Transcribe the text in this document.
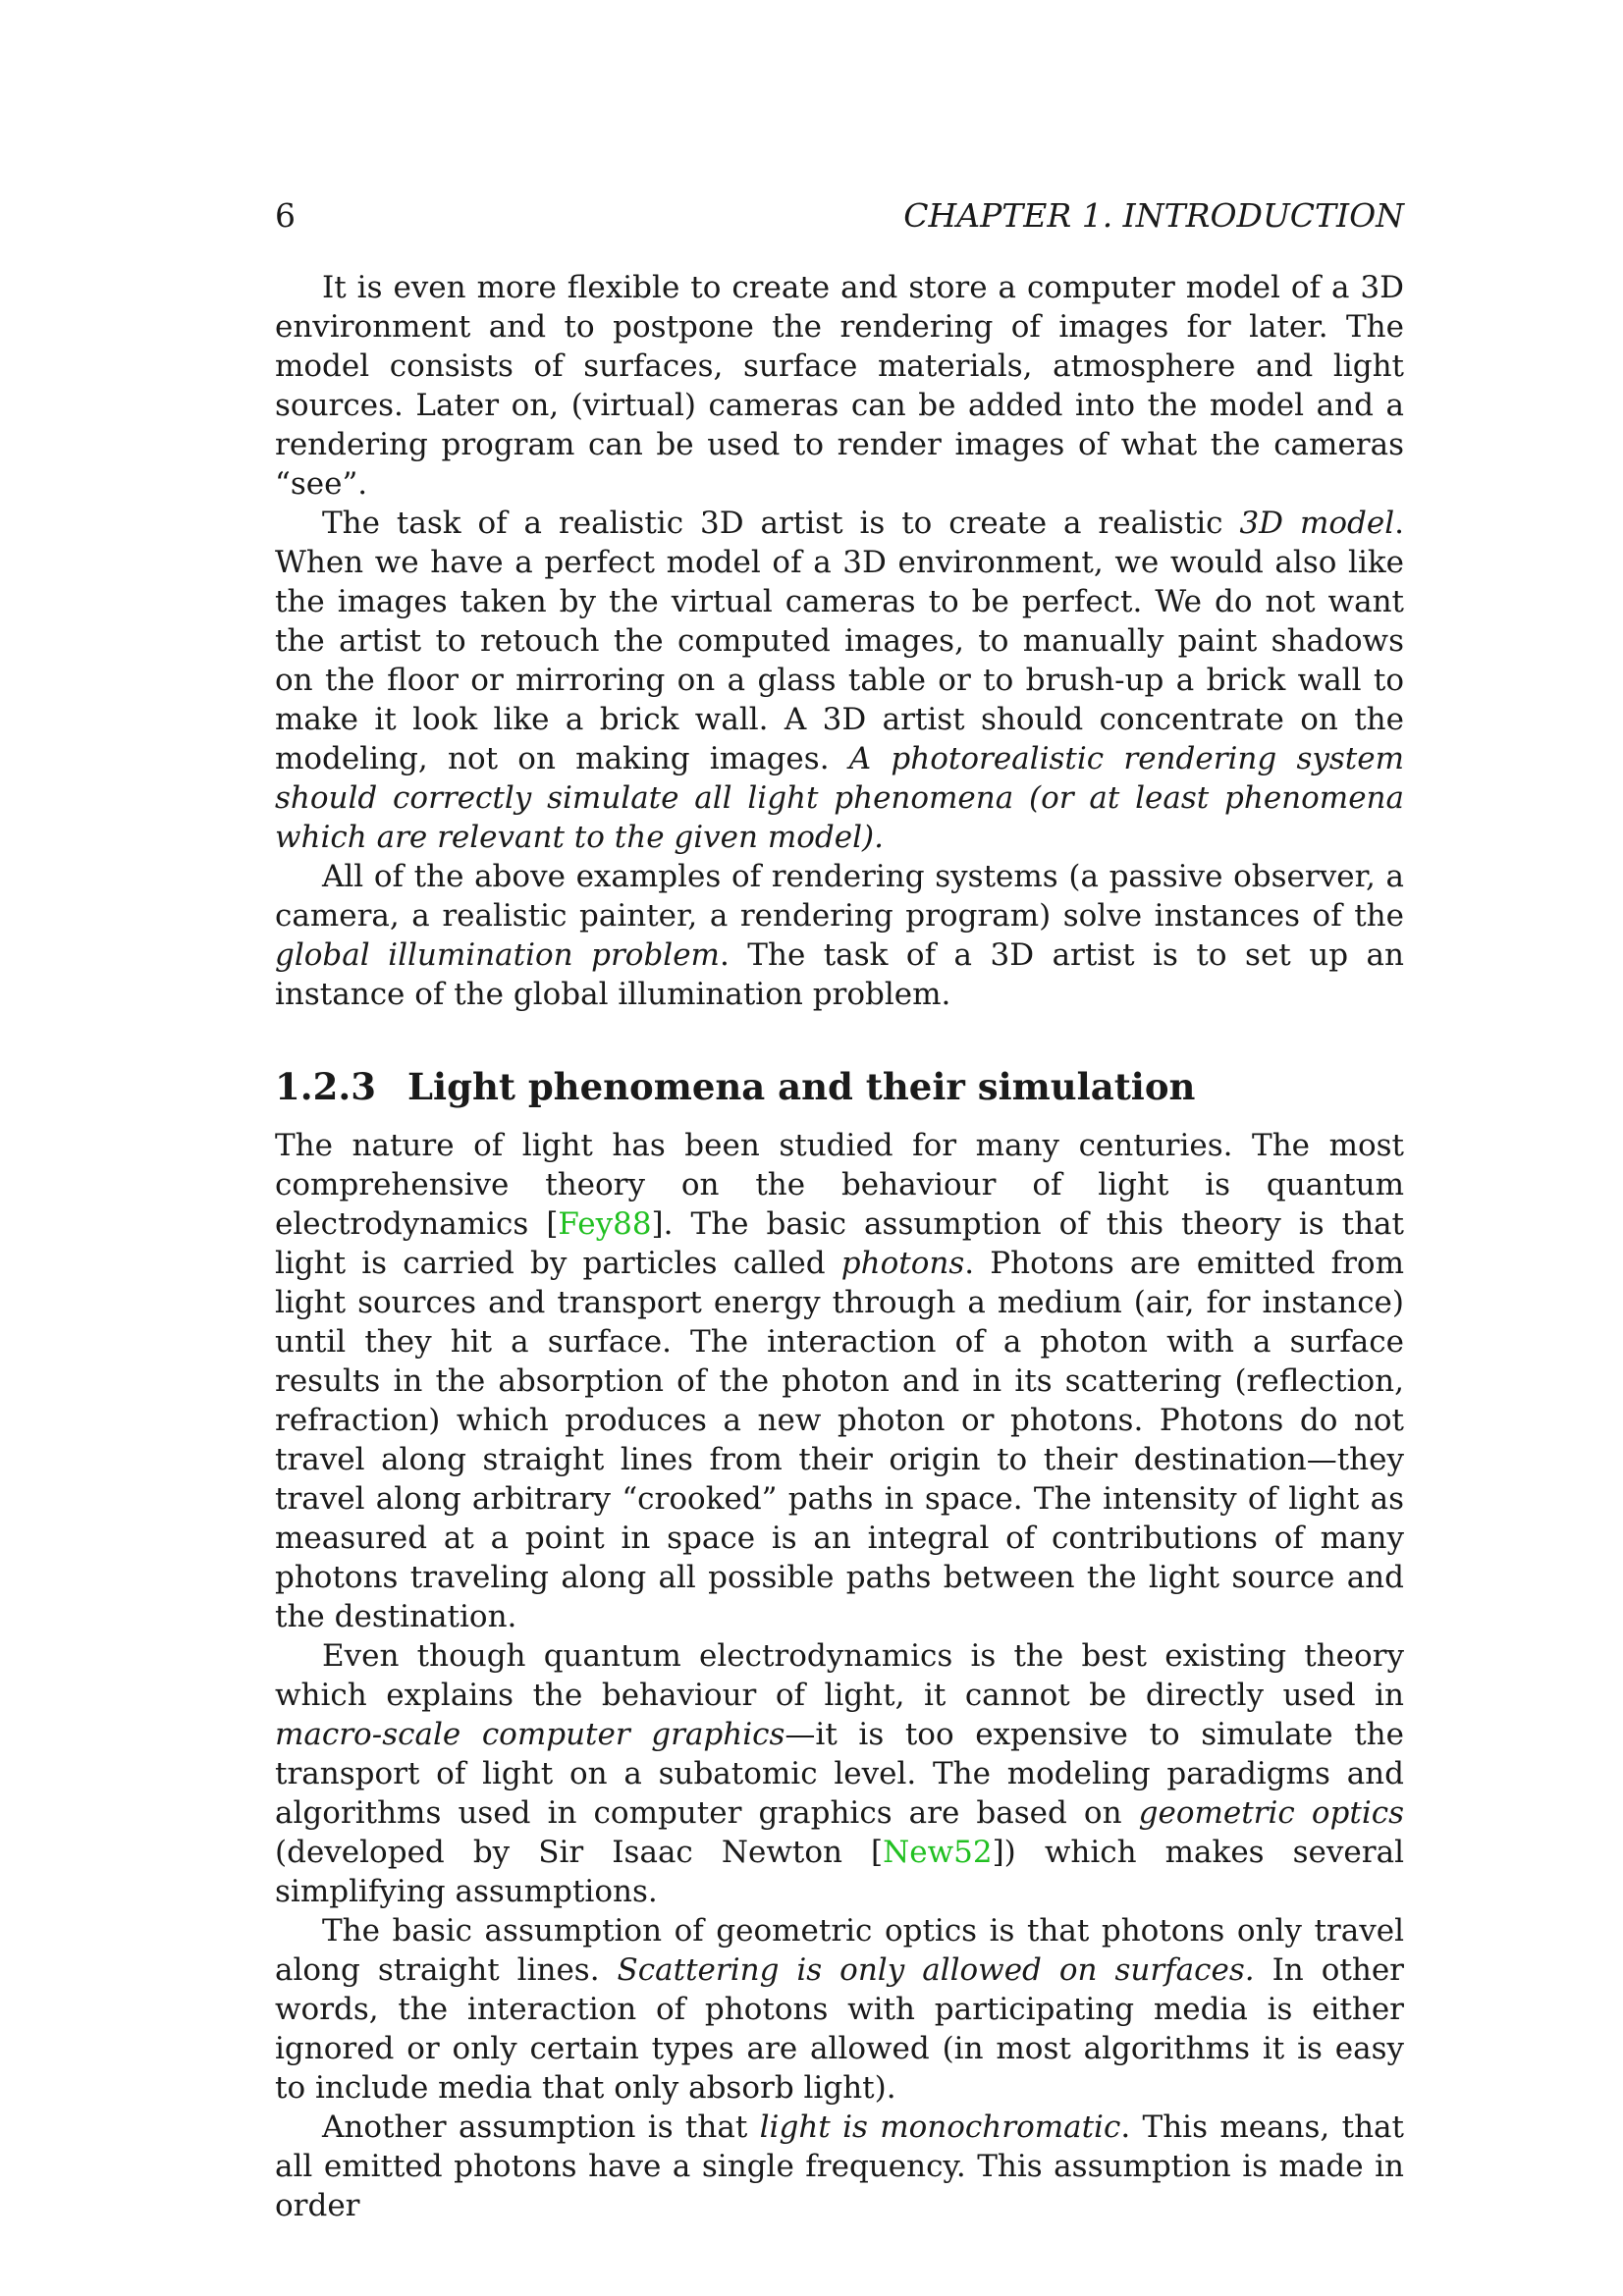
6	CHAPTER 1. INTRODUCTION

It is even more flexible to create and store a computer model of a 3D environment and to postpone the rendering of images for later. The model consists of surfaces, surface materials, atmosphere and light sources. Later on, (virtual) cameras can be added into the model and a rendering program can be used to render images of what the cameras “see”.

The task of a realistic 3D artist is to create a realistic 3D model. When we have a perfect model of a 3D environment, we would also like the images taken by the virtual cameras to be perfect. We do not want the artist to retouch the computed images, to manually paint shadows on the floor or mirroring on a glass table or to brush-up a brick wall to make it look like a brick wall. A 3D artist should concentrate on the modeling, not on making images. A photorealistic rendering system should correctly simulate all light phenomena (or at least phenomena which are relevant to the given model).

All of the above examples of rendering systems (a passive observer, a camera, a realistic painter, a rendering program) solve instances of the global illumination problem. The task of a 3D artist is to set up an instance of the global illumination problem.

1.2.3 Light phenomena and their simulation

The nature of light has been studied for many centuries. The most comprehensive theory on the behaviour of light is quantum electrodynamics [Fey88]. The basic assumption of this theory is that light is carried by particles called photons. Photons are emitted from light sources and transport energy through a medium (air, for instance) until they hit a surface. The interaction of a photon with a surface results in the absorption of the photon and in its scattering (reflection, refraction) which produces a new photon or photons. Photons do not travel along straight lines from their origin to their destination—they travel along arbitrary “crooked” paths in space. The intensity of light as measured at a point in space is an integral of contributions of many photons traveling along all possible paths between the light source and the destination.

Even though quantum electrodynamics is the best existing theory which explains the behaviour of light, it cannot be directly used in macro-scale computer graphics—it is too expensive to simulate the transport of light on a subatomic level. The modeling paradigms and algorithms used in computer graphics are based on geometric optics (developed by Sir Isaac Newton [New52]) which makes several simplifying assumptions.

The basic assumption of geometric optics is that photons only travel along straight lines. Scattering is only allowed on surfaces. In other words, the interaction of photons with participating media is either ignored or only certain types are allowed (in most algorithms it is easy to include media that only absorb light).

Another assumption is that light is monochromatic. This means, that all emitted photons have a single frequency. This assumption is made in order
